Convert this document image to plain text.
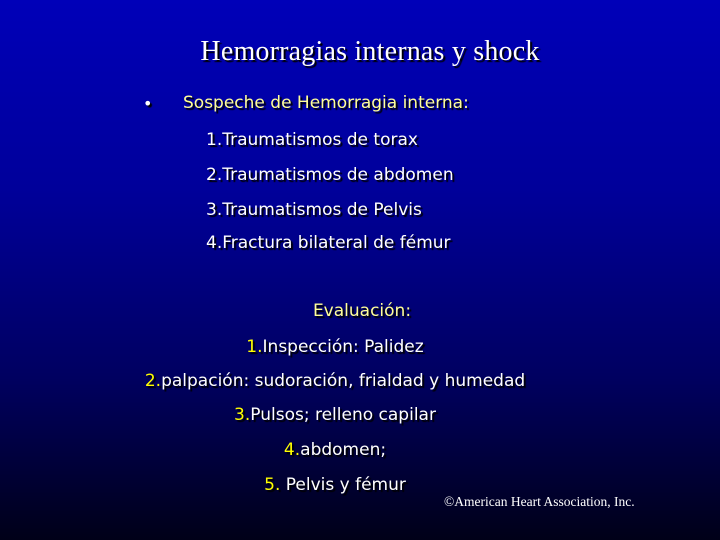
Hemorragias internas y shock
• Sospeche de Hemorragia interna:
1.Traumatismos de torax
2.Traumatismos de abdomen
3.Traumatismos de Pelvis
4.Fractura bilateral de fémur
Evaluación:
1.Inspección: Palidez
2.palpación: sudoración, frialdad y humedad
3.Pulsos; relleno capilar
4.abdomen;
5. Pelvis y fémur
©American Heart Association, Inc.
